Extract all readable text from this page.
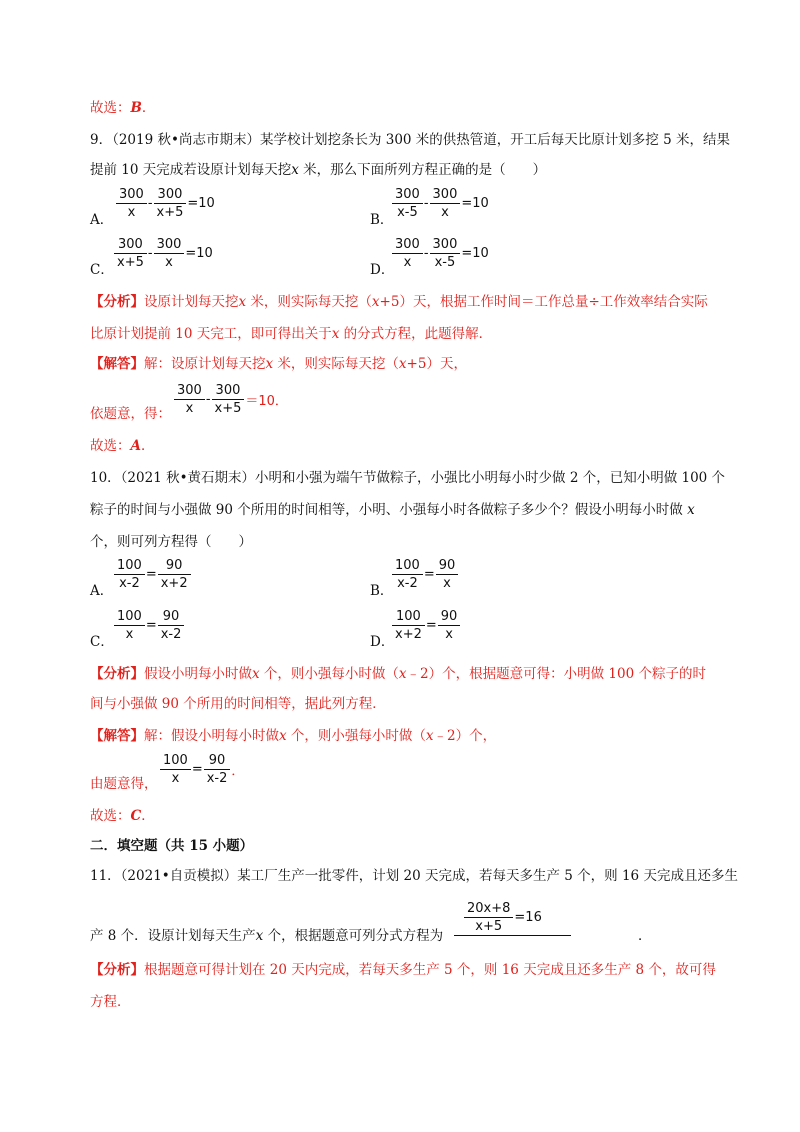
故选：B．
9．（2019 秋•尚志市期末）某学校计划挖条长为 300 米的供热管道，开工后每天比原计划多挖 5 米，结果
提前 10 天完成若设原计划每天挖x 米，那么下面所列方程正确的是（　　）
A． $\frac{300}{x} - \frac{300}{x+5} =10$
B．
$\frac{300}{x-5} - \frac{300}{x} =10$
C． $\frac{300}{x+5} - \frac{300}{x} =10$
D．
$\frac{300}{x} - \frac{300}{x-5} =10$
【分析】设原计划每天挖x 米，则实际每天挖（x+5）天，根据工作时间＝工作总量÷工作效率结合实际
比原计划提前 10 天完工，即可得出关于x 的分式方程，此题得解．
【解答】解：设原计划每天挖x 米，则实际每天挖（x+5）天，
依题意，得： $\frac{300}{x} - \frac{300}{x+5} =10$．
故选：A．
10．（2021 秋•黄石期末）小明和小强为端午节做粽子，小强比小明每小时少做 2 个，已知小明做 100 个
粽子的时间与小强做 90 个所用的时间相等，小明、小强每小时各做粽子多少个？假设小明每小时做 x
个，则可列方程得（　　）
A． $\frac{100}{x-2} = \frac{90}{x+2}$	B．
$\frac{100}{x-2} = \frac{90}{x}$
C． $\frac{100}{x} = \frac{90}{x-2}$	D．
$\frac{100}{x+2} = \frac{90}{x}$
【分析】假设小明每小时做x 个，则小强每小时做（x﹣2）个，根据题意可得：小明做 100 个粽子的时
间与小强做 90 个所用的时间相等，据此列方程．
【解答】解：假设小明每小时做x 个，则小强每小时做（x﹣2）个，
由题意得， $\frac{100}{x} = \frac{90}{x-2}$ ．
故选：C．
二．填空题（共 15 小题）
11．（2021•自贡模拟）某工厂生产一批零件，计划 20 天完成，若每天多生产 5 个，则 16 天完成且还多生
产 8 个．设原计划每天生产x 个，根据题意可列分式方程为
$\frac{20x+8}{x+5} =16$
．
【分析】根据题意可得计划在 20 天内完成，若每天多生产 5 个，则 16 天完成且还多生产 8 个，故可得
方程．
